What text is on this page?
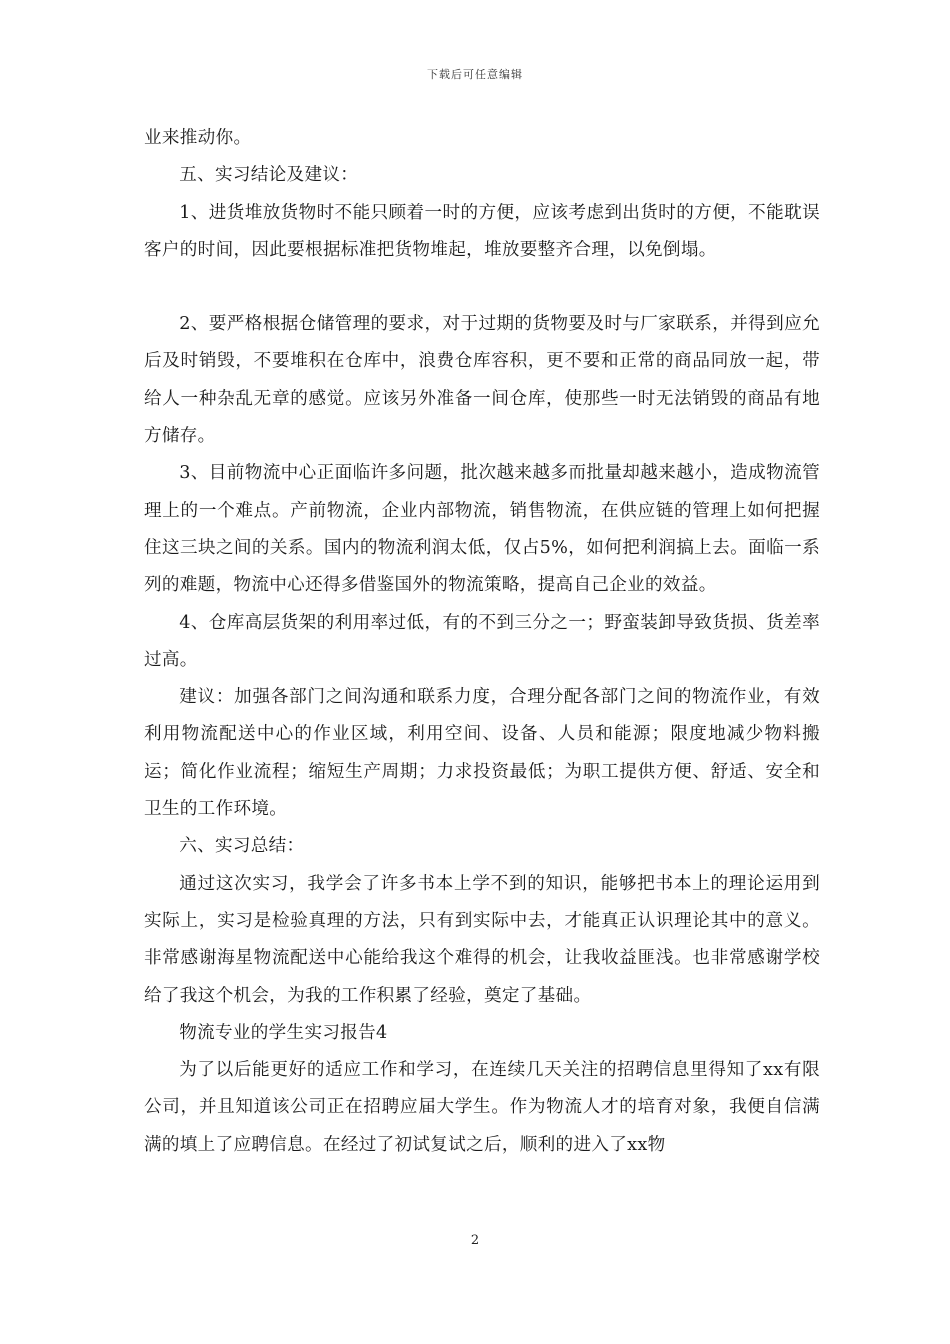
下载后可任意编辑

业来推动你。

五、实习结论及建议：

1、进货堆放货物时不能只顾着一时的方便，应该考虑到出货时的方便，不能耽误客户的时间，因此要根据标准把货物堆起，堆放要整齐合理，以免倒塌。

2、要严格根据仓储管理的要求，对于过期的货物要及时与厂家联系，并得到应允后及时销毁，不要堆积在仓库中，浪费仓库容积，更不要和正常的商品同放一起，带给人一种杂乱无章的感觉。应该另外准备一间仓库，使那些一时无法销毁的商品有地方储存。

3、目前物流中心正面临许多问题，批次越来越多而批量却越来越小，造成物流管理上的一个难点。产前物流，企业内部物流，销售物流，在供应链的管理上如何把握住这三块之间的关系。国内的物流利润太低，仅占5%，如何把利润搞上去。面临一系列的难题，物流中心还得多借鉴国外的物流策略，提高自己企业的效益。

4、仓库高层货架的利用率过低，有的不到三分之一；野蛮装卸导致货损、货差率过高。

建议：加强各部门之间沟通和联系力度，合理分配各部门之间的物流作业，有效利用物流配送中心的作业区域，利用空间、设备、人员和能源；限度地减少物料搬运；简化作业流程；缩短生产周期；力求投资最低；为职工提供方便、舒适、安全和卫生的工作环境。

六、实习总结：

通过这次实习，我学会了许多书本上学不到的知识，能够把书本上的理论运用到实际上，实习是检验真理的方法，只有到实际中去，才能真正认识理论其中的意义。非常感谢海星物流配送中心能给我这个难得的机会，让我收益匪浅。也非常感谢学校给了我这个机会，为我的工作积累了经验，奠定了基础。

物流专业的学生实习报告4

为了以后能更好的适应工作和学习，在连续几天关注的招聘信息里得知了xx有限公司，并且知道该公司正在招聘应届大学生。作为物流人才的培育对象，我便自信满满的填上了应聘信息。在经过了初试复试之后，顺利的进入了xx物

2
